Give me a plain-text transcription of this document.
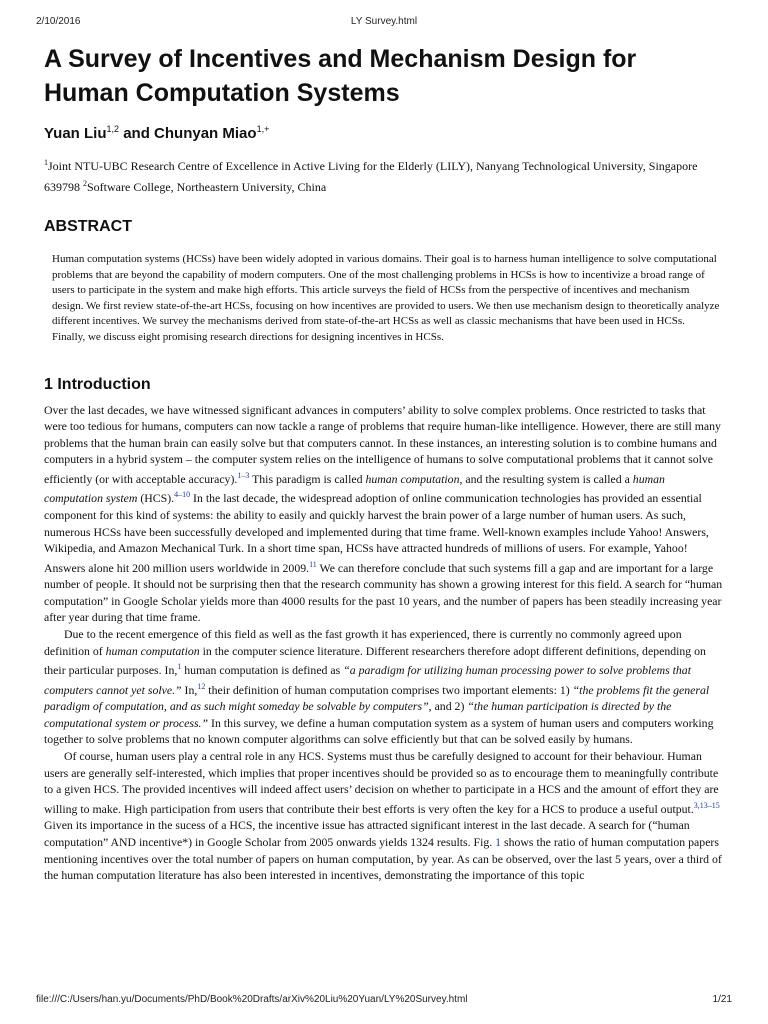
2/10/2016	LY Survey.html
A Survey of Incentives and Mechanism Design for Human Computation Systems
Yuan Liu$^{1,2}$ and Chunyan Miao$^{1,+}$
$^1$Joint NTU-UBC Research Centre of Excellence in Active Living for the Elderly (LILY), Nanyang Technological University, Singapore 639798 $^2$Software College, Northeastern University, China
ABSTRACT
Human computation systems (HCSs) have been widely adopted in various domains. Their goal is to harness human intelligence to solve computational problems that are beyond the capability of modern computers. One of the most challenging problems in HCSs is how to incentivize a broad range of users to participate in the system and make high efforts. This article surveys the field of HCSs from the perspective of incentives and mechanism design. We first review state-of-the-art HCSs, focusing on how incentives are provided to users. We then use mechanism design to theoretically analyze different incentives. We survey the mechanisms derived from state-of-the-art HCSs as well as classic mechanisms that have been used in HCSs. Finally, we discuss eight promising research directions for designing incentives in HCSs.
1 Introduction

Over the last decades, we have witnessed significant advances in computers’ ability to solve complex problems. Once restricted to tasks that were too tedious for humans, computers can now tackle a range of problems that require human-like intelligence. However, there are still many problems that the human brain can easily solve but that computers cannot. In these instances, an interesting solution is to combine humans and computers in a hybrid system – the computer system relies on the intelligence of humans to solve computational problems that it cannot solve efficiently (or with acceptable accuracy).$^{1-3}$ This paradigm is called human computation, and the resulting system is called a human computation system (HCS).$^{4-10}$ In the last decade, the widespread adoption of online communication technologies has provided an essential component for this kind of systems: the ability to easily and quickly harvest the brain power of a large number of human users. As such, numerous HCSs have been successfully developed and implemented during that time frame. Well-known examples include Yahoo! Answers, Wikipedia, and Amazon Mechanical Turk. In a short time span, HCSs have attracted hundreds of millions of users. For example, Yahoo! Answers alone hit 200 million users worldwide in 2009.11 We can therefore conclude that such systems fill a gap and are important for a large number of people. It should not be surprising then that the research community has shown a growing interest for this field. A search for “human computation” in Google Scholar yields more than 4000 results for the past 10 years, and the number of papers has been steadily increasing year after year during that time frame.

Due to the recent emergence of this field as well as the fast growth it has experienced, there is currently no commonly agreed upon definition of human computation in the computer science literature. Different researchers therefore adopt different definitions, depending on their particular purposes. In,$^1$ human computation is defined as “a paradigm for utilizing human processing power to solve problems that computers cannot yet solve.” In,$^{12}$ their definition of human computation comprises two important elements: 1) “the problems fit the general paradigm of computation, and as such might someday be solvable by computers”, and 2) “the human participation is directed by the computational system or process.” In this survey, we define a human computation system as a system of human users and computers working together to solve problems that no known computer algorithms can solve efficiently but that can be solved easily by humans.

Of course, human users play a central role in any HCS. Systems must thus be carefully designed to account for their behaviour. Human users are generally self-interested, which implies that proper incentives should be provided so as to encourage them to meaningfully contribute to a given HCS. The provided incentives will indeed affect users’ decision on whether to participate in a HCS and the amount of effort they are willing to make. High participation from users that contribute their best efforts is very often the key for a HCS to produce a useful output.$^{3,13-15}$ Given its importance in the sucess of a HCS, the incentive issue has attracted significant interest in the last decade. A search for (“human computation” AND incentive*) in Google Scholar from 2005 onwards yields 1324 results. Fig. 1 shows the ratio of human computation papers mentioning incentives over the total number of papers on human computation, by year. As can be observed, over the last 5 years, over a third of the human computation literature has also been interested in incentives, demonstrating the importance of this topic

file:///C:/Users/han.yu/Documents/PhD/Book%20Drafts/arXiv%20Liu%20Yuan/LY%20Survey.html	1/21
